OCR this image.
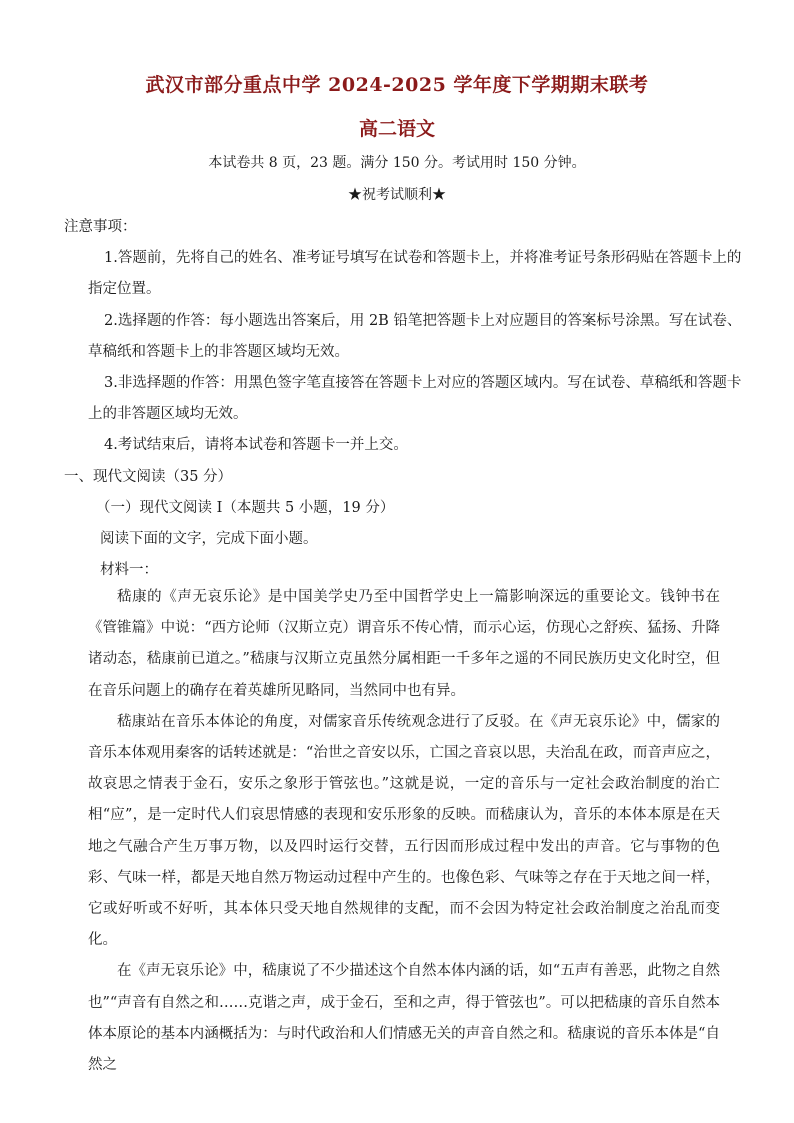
武汉市部分重点中学 2024-2025 学年度下学期期末联考
高二语文
本试卷共 8 页，23 题。满分 150 分。考试用时 150 分钟。
★祝考试顺利★
注意事项：
1.答题前，先将自己的姓名、准考证号填写在试卷和答题卡上，并将准考证号条形码贴在答题卡上的
指定位置。
2.选择题的作答：每小题选出答案后，用 2B 铅笔把答题卡上对应题目的答案标号涂黑。写在试卷、
草稿纸和答题卡上的非答题区域均无效。
3.非选择题的作答：用黑色签字笔直接答在答题卡上对应的答题区域内。写在试卷、草稿纸和答题卡
上的非答题区域均无效。
4.考试结束后，请将本试卷和答题卡一并上交。
一、现代文阅读（35 分）
（一）现代文阅读 Ⅰ（本题共 5 小题，19 分）
阅读下面的文字，完成下面小题。
材料一：

嵇康的《声无哀乐论》是中国美学史乃至中国哲学史上一篇影响深远的重要论文。钱钟书在《管锥篇》中说：“西方论师（汉斯立克）谓音乐不传心情，而示心运，仿现心之舒疾、猛扬、升降诸动态，嵇康前已道之。”嵇康与汉斯立克虽然分属相距一千多年之遥的不同民族历史文化时空，但在音乐问题上的确存在着英雄所见略同，当然同中也有异。

嵇康站在音乐本体论的角度，对儒家音乐传统观念进行了反驳。在《声无哀乐论》中，儒家的音乐本体观用秦客的话转述就是：“治世之音安以乐，亡国之音哀以思，夫治乱在政，而音声应之，故哀思之情表于金石，安乐之象形于管弦也。”这就是说，一定的音乐与一定社会政治制度的治亡相“应”，是一定时代人们哀思情感的表现和安乐形象的反映。而嵇康认为，音乐的本体本原是在天地之气融合产生万事万物，以及四时运行交替，五行因而形成过程中发出的声音。它与事物的色彩、气味一样，都是天地自然万物运动过程中产生的。也像色彩、气味等之存在于天地之间一样，它或好听或不好听，其本体只受天地自然规律的支配，而不会因为特定社会政治制度之治乱而变化。

在《声无哀乐论》中，嵇康说了不少描述这个自然本体内涵的话，如“五声有善恶，此物之自然也”“声音有自然之和……克谐之声，成于金石，至和之声，得于管弦也”。可以把嵇康的音乐自然本体本原论的基本内涵概括为：与时代政治和人们情感无关的声音自然之和。嵇康说的音乐本体是“自然之
